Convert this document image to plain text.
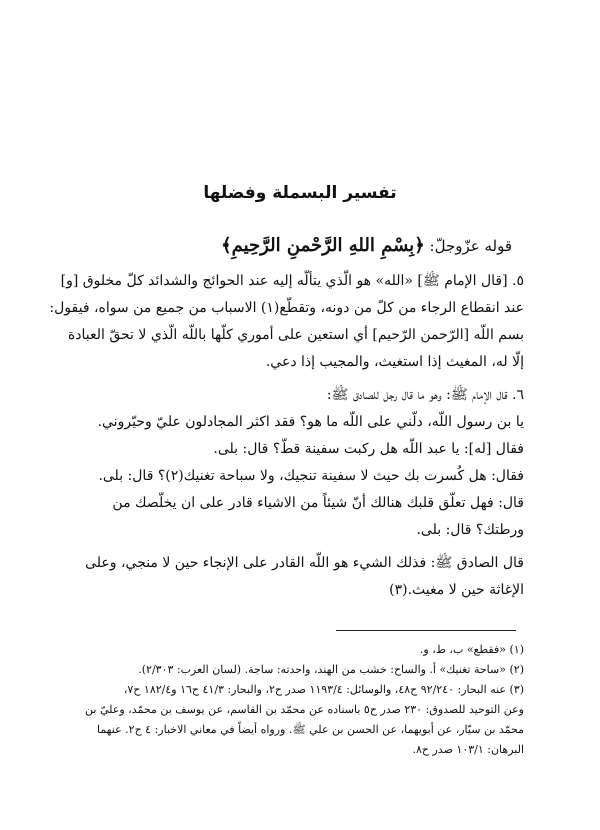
تفسير البسملة وفضلها
قوله عزّوجلّ: ﴿بِسْمِ اللهِ الرَّحْمنِ الرَّحِيمِ﴾

٥. [قال الإمام ﷺ] «الله» هو الّذي يتألّه إليه عند الحوائج والشدائد كلّ مخلوق [و]
عند انقطاع الرجاء من كلّ من دونه، وتقطّع(١) الاسباب من جميع من سواه، فيقول:
بسم اللّه [الرّحمن الرّحيم] أي استعين على أموري كلّها باللّه الّذي لا تحقّ العبادة
إلّا له، المغيث إذا استغيث، والمجيب إذا دعي.

٦. قال الإمام ﷺ: وهو ما قال رجل للصادق ﷺ:
يا بن رسول اللّه، دلّني على اللّه ما هو؟ فقد اكثر المجادلون عليّ وحيّروني.
فقال [له]: يا عبد اللّه هل ركبت سفينة قطّ؟ قال: بلى.
فقال: هل كُسرت بك حيث لا سفينة تنجيك، ولا سباحة تغنيك(٢)؟ قال: بلى.
قال: فهل تعلّق قلبك هنالك أنّ شيئاً من الاشياء قادر على ان يخلّصك من
ورطتك؟ قال: بلى.

قال الصادق ﷺ: فذلك الشيء هو اللّه القادر على الإنجاء حين لا منجي، وعلى
الإغاثة حين لا مغيث.(٣)

(١) «فقطع» ب، ط، و.
(٢) «ساحة تغنيك» أ. والساح: خشب من الهند، واحدته: ساجة. (لسان العرب: ٢/٣٠٣).
(٣) عنه البحار: ٩٢/٢٤٠ ح٤٨، والوسائل: ١١٩٣/٤ صدر ح٢، والبحار: ٤١/٣ ح١٦ و١٨٢/٤ ح٧،
وعن التوحيد للصدوق: ٢٣٠ صدر ح٥ باسناده عن محمّد بن القاسم، عن يوسف بن محمّد، وعليّ بن
محمّد بن سيّار، عن أبويهما، عن الحسن بن علي ﷺ. ورواه أيضاً في معاني الاخبار: ٤ ح٢. عنهما
البرهان: ١٠٣/١ صدر ح٨.
